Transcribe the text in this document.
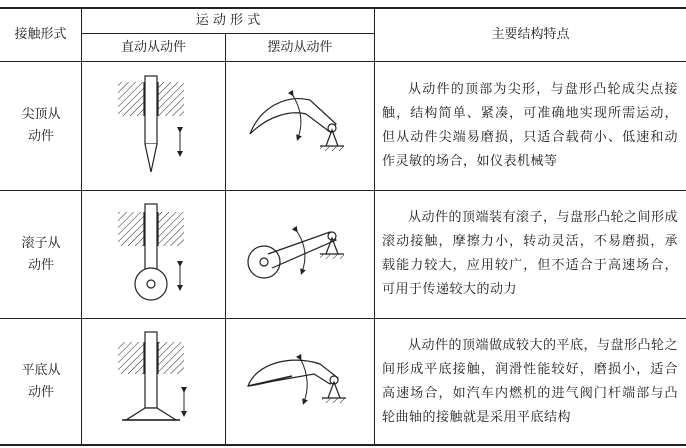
接触形式
运 动 形 式
直动从动件	摆动从动件
主要结构特点
尖顶从动件
滚子从动件
平底从动件
从动件的顶部为尖形，与盘形凸轮成尖点接触，结构简单、紧凑，可准确地实现所需运动，但从动件尖端易磨损，只适合载荷小、低速和动作灵敏的场合，如仪表机械等
从动件的顶端装有滚子，与盘形凸轮之间形成滚动接触，摩擦力小，转动灵活，不易磨损，承载能力较大，应用较广，但不适合于高速场合，可用于传递较大的动力
从动件的顶端做成较大的平底，与盘形凸轮之间形成平底接触，润滑性能较好，磨损小，适合高速场合，如汽车内燃机的进气阀门杆端部与凸轮曲轴的接触就是采用平底结构
